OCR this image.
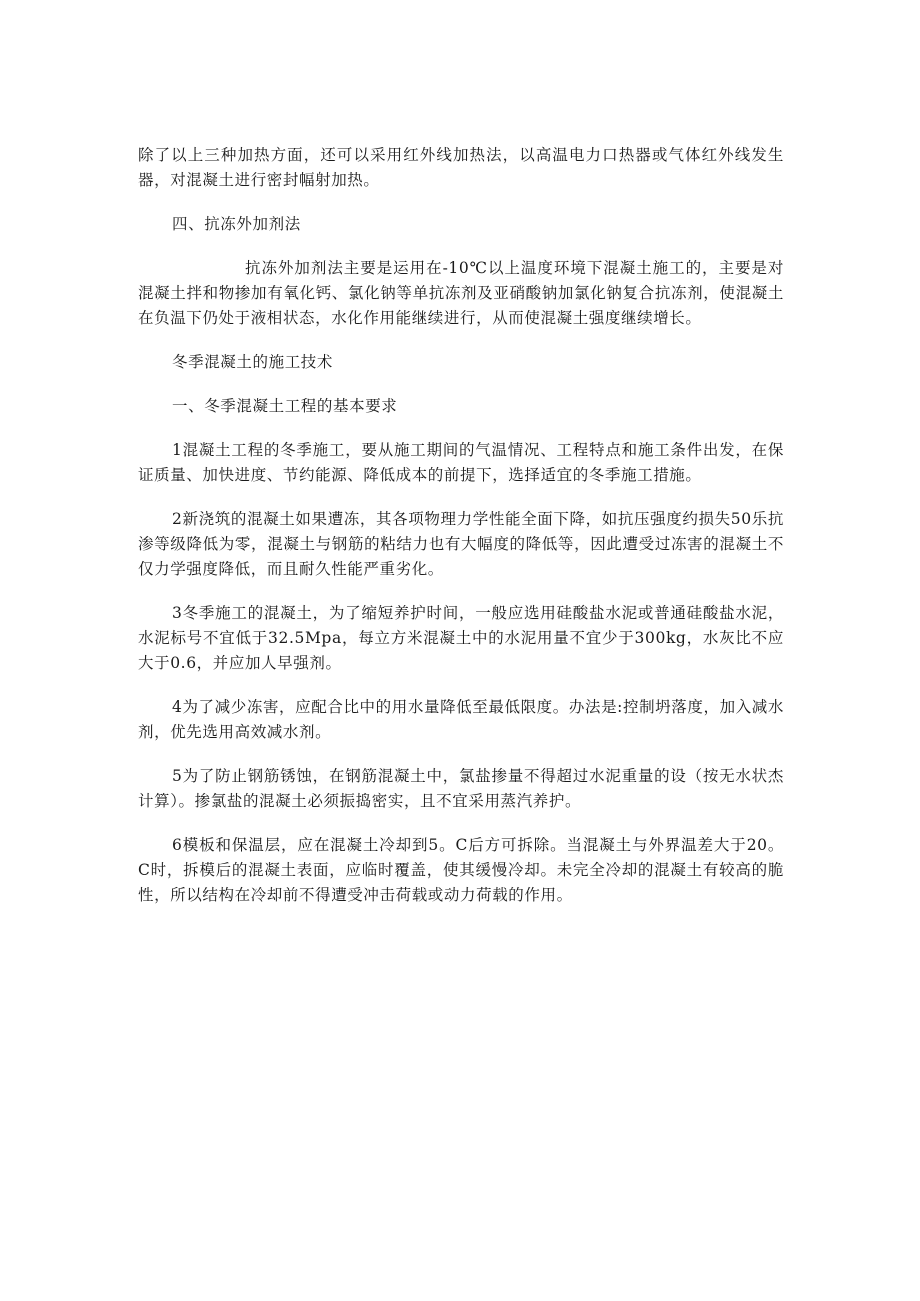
除了以上三种加热方面，还可以采用红外线加热法，以高温电力口热器或气体红外线发生器，对混凝土进行密封幅射加热。

四、抗冻外加剂法

抗冻外加剂法主要是运用在-10℃以上温度环境下混凝土施工的，主要是对混凝土拌和物掺加有氧化钙、氯化钠等单抗冻剂及亚硝酸钠加氯化钠复合抗冻剂，使混凝土在负温下仍处于液相状态，水化作用能继续进行，从而使混凝土强度继续增长。

冬季混凝土的施工技术

一、冬季混凝土工程的基本要求

1混凝土工程的冬季施工，要从施工期间的气温情况、工程特点和施工条件出发，在保证质量、加快进度、节约能源、降低成本的前提下，选择适宜的冬季施工措施。

2新浇筑的混凝土如果遭冻，其各项物理力学性能全面下降，如抗压强度约损失50乐抗渗等级降低为零，混凝土与钢筋的粘结力也有大幅度的降低等，因此遭受过冻害的混凝土不仅力学强度降低，而且耐久性能严重劣化。

3冬季施工的混凝土，为了缩短养护时间，一般应选用硅酸盐水泥或普通硅酸盐水泥，水泥标号不宜低于32.5Mpa，每立方米混凝土中的水泥用量不宜少于300kg，水灰比不应大于0.6，并应加人早强剂。

4为了减少冻害，应配合比中的用水量降低至最低限度。办法是:控制坍落度，加入减水剂，优先选用高效减水剂。

5为了防止钢筋锈蚀，在钢筋混凝土中，氯盐掺量不得超过水泥重量的设（按无水状杰计算）。掺氯盐的混凝土必须振捣密实，且不宜采用蒸汽养护。

6模板和保温层，应在混凝土冷却到5。C后方可拆除。当混凝土与外界温差大于20。C时，拆模后的混凝土表面，应临时覆盖，使其缓慢冷却。未完全冷却的混凝土有较高的脆性，所以结构在冷却前不得遭受冲击荷载或动力荷载的作用。
